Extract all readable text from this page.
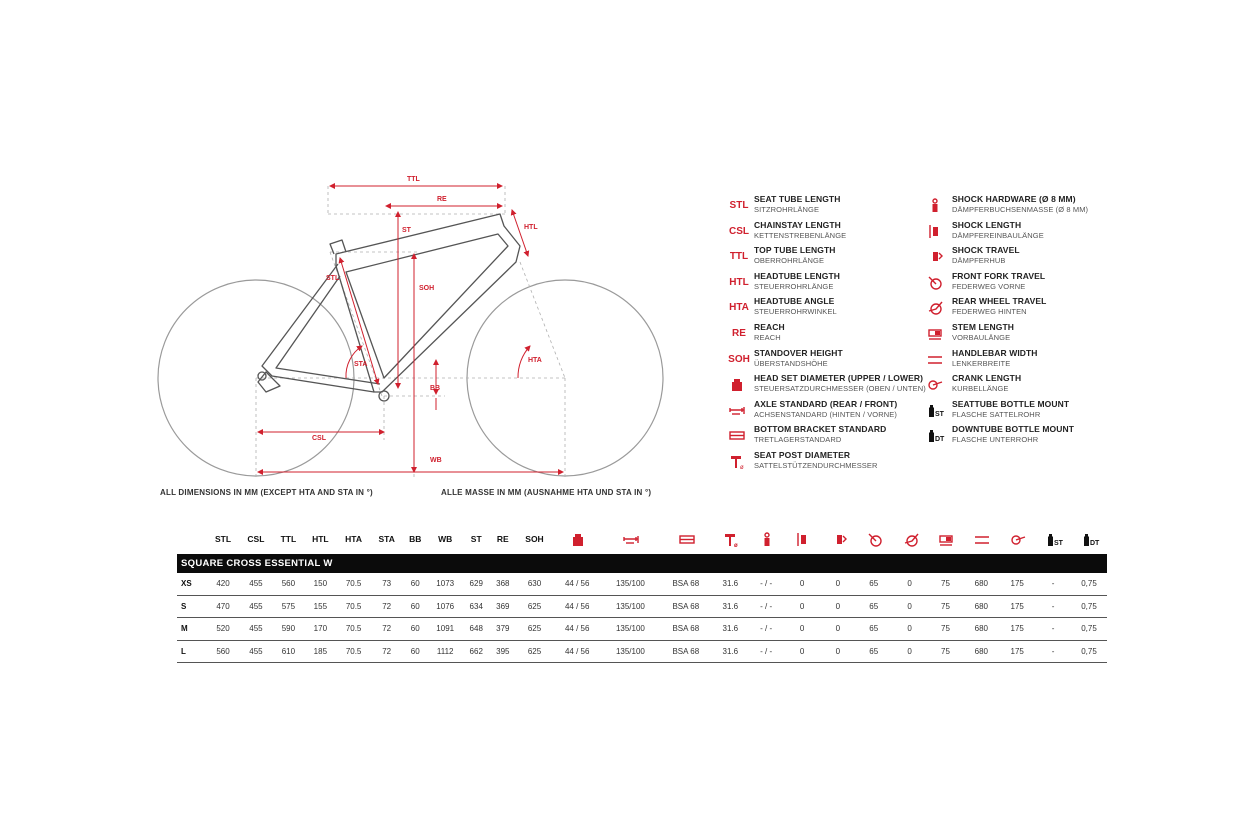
TTL
RE
ST	HTL
STL
SOH
STA
HTA
BB
CSL
WB
ALL DIMENSIONS IN MM (EXCEPT HTA AND STA IN °)	ALLE MASSE IN MM (AUSNAHME HTA UND STA IN °)
STL
SEAT TUBE LENGTH
SITZROHRLÄNGE
CSL
CHAINSTAY LENGTH
KETTENSTREBENLÄNGE
TTL
TOP TUBE LENGTH
OBERROHRLÄNGE
HTL
HEADTUBE LENGTH
STEUERROHRLÄNGE
HTA
HEADTUBE ANGLE
STEUERROHRWINKEL
RE
REACH
REACH
SOH
STANDOVER HEIGHT
ÜBERSTANDSHÖHE
HEAD SET DIAMETER (UPPER / LOWER)
STEUERSATZDURCHMESSER (OBEN / UNTEN)
AXLE STANDARD (REAR / FRONT)
ACHSENSTANDARD (HINTEN / VORNE)
BOTTOM BRACKET STANDARD
TRETLAGERSTANDARD
ø
SEAT POST DIAMETER
SATTELSTÜTZENDURCHMESSER
SHOCK HARDWARE (Ø 8 MM)
DÄMPFERBUCHSENMASSE (Ø 8 MM)
SHOCK LENGTH
DÄMPFEREINBAULÄNGE
SHOCK TRAVEL
DÄMPFERHUB
FRONT FORK TRAVEL
FEDERWEG VORNE
REAR WHEEL TRAVEL
FEDERWEG HINTEN
STEM LENGTH
VORBAULÄNGE
HANDLEBAR WIDTH
LENKERBREITE
CRANK LENGTH
KURBELLÄNGE
ST
SEATTUBE BOTTLE MOUNT
FLASCHE SATTELROHR
DT
DOWNTUBE BOTTLE MOUNT
FLASCHE UNTERROHR
	STL	CSL	TTL	HTL	HTA	STA	BB	WB	ST	RE	SOH				ø									ST	DT

SQUARE CROSS ESSENTIAL W																									
XS	420	455	560	150	70.5	73	60	1073	629	368	630	44 / 56	135/100	BSA 68	31.6	- / -	0	0	65	0	75	680	175	-	0,75
S	470	455	575	155	70.5	72	60	1076	634	369	625	44 / 56	135/100	BSA 68	31.6	- / -	0	0	65	0	75	680	175	-	0,75
M	520	455	590	170	70.5	72	60	1091	648	379	625	44 / 56	135/100	BSA 68	31.6	- / -	0	0	65	0	75	680	175	-	0,75
L	560	455	610	185	70.5	72	60	1112	662	395	625	44 / 56	135/100	BSA 68	31.6	- / -	0	0	65	0	75	680	175	-	0,75
